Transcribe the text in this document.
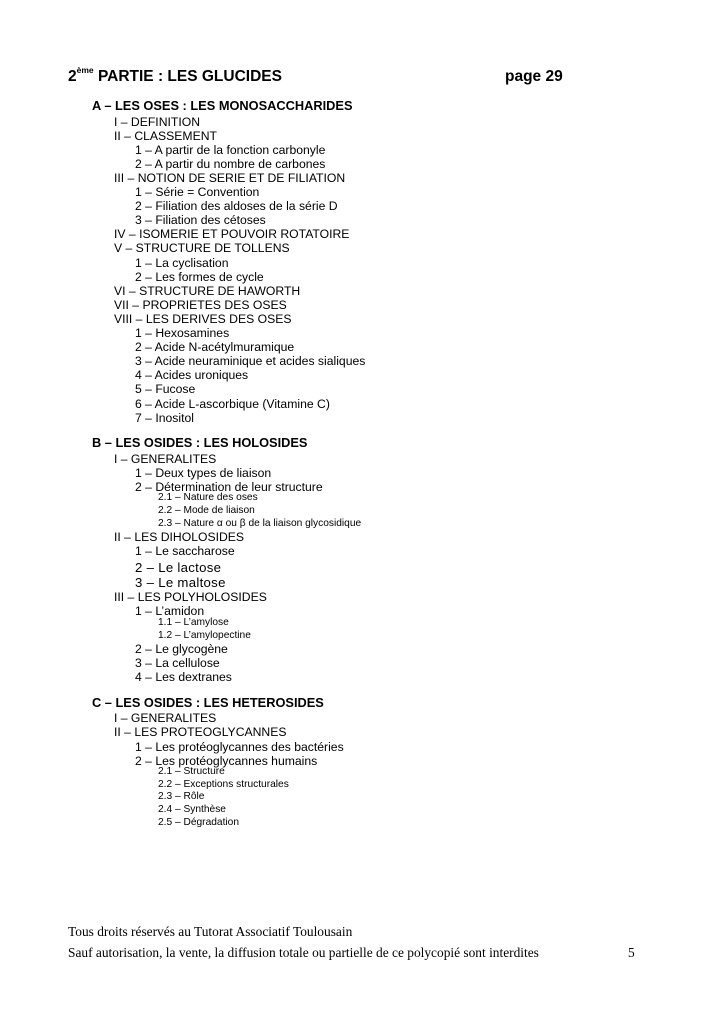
2ème PARTIE : LES GLUCIDES	page 29
A – LES OSES : LES MONOSACCHARIDES
I – DEFINITION
II – CLASSEMENT
1 – A partir de la fonction carbonyle
2 – A partir du nombre de carbones
III – NOTION DE SERIE ET DE FILIATION
1 – Série = Convention
2 – Filiation des aldoses de la série D
3 – Filiation des cétoses
IV – ISOMERIE ET POUVOIR ROTATOIRE
V – STRUCTURE DE TOLLENS
1 – La cyclisation
2 – Les formes de cycle
VI – STRUCTURE DE HAWORTH
VII – PROPRIETES DES OSES
VIII – LES DERIVES DES OSES
1 – Hexosamines
2 – Acide N-acétylmuramique
3 – Acide neuraminique et acides sialiques
4 – Acides uroniques
5 – Fucose
6 – Acide L-ascorbique (Vitamine C)
7 – Inositol
B – LES OSIDES : LES HOLOSIDES
I – GENERALITES
1 – Deux types de liaison
2 – Détermination de leur structure
2.1 – Nature des oses
2.2 – Mode de liaison
2.3 – Nature α ou β de la liaison glycosidique
II – LES DIHOLOSIDES
1 – Le saccharose
2 – Le lactose
3 – Le maltose
III – LES POLYHOLOSIDES
1 – L’amidon
1.1 – L’amylose
1.2 – L’amylopectine
2 – Le glycogène
3 – La cellulose
4 – Les dextranes
C – LES OSIDES : LES HETEROSIDES
I – GENERALITES
II – LES PROTEOGLYCANNES
1 – Les protéoglycannes des bactéries
2 – Les protéoglycannes humains
2.1 – Structure
2.2 – Exceptions structurales
2.3 – Rôle
2.4 – Synthèse
2.5 – Dégradation
Tous droits réservés au Tutorat Associatif Toulousain
Sauf autorisation, la vente, la diffusion totale ou partielle de ce polycopié sont interdites	5
